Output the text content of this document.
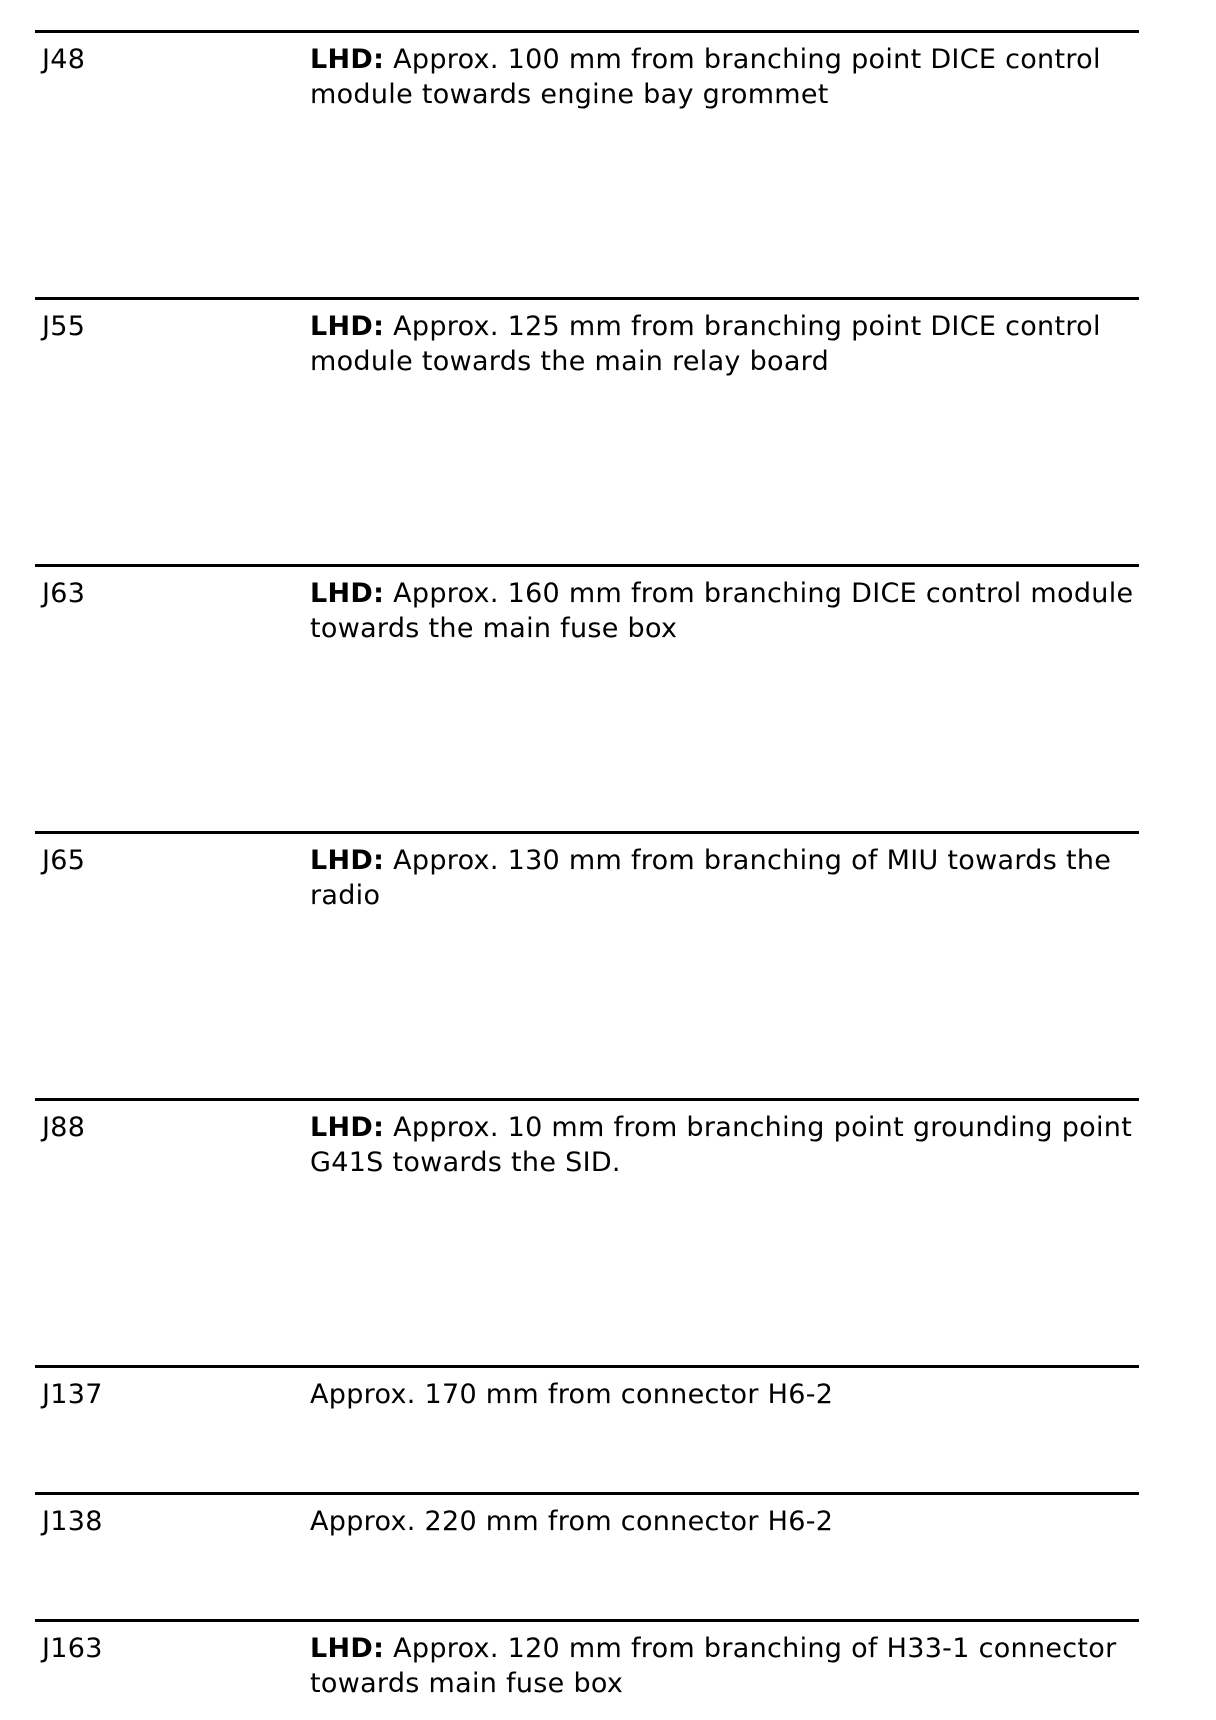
J48	LHD: Approx. 100 mm from branching point DICE control module towards engine bay grommet
J55	LHD: Approx. 125 mm from branching point DICE control module towards the main relay board
J63	LHD: Approx. 160 mm from branching DICE control module towards the main fuse box
J65	LHD: Approx. 130 mm from branching of MIU towards the radio
J88	LHD: Approx. 10 mm from branching point grounding point G41S towards the SID.
J137	Approx. 170 mm from connector H6-2
J138	Approx. 220 mm from connector H6-2
J163	LHD: Approx. 120 mm from branching of H33-1 connector towards main fuse box
